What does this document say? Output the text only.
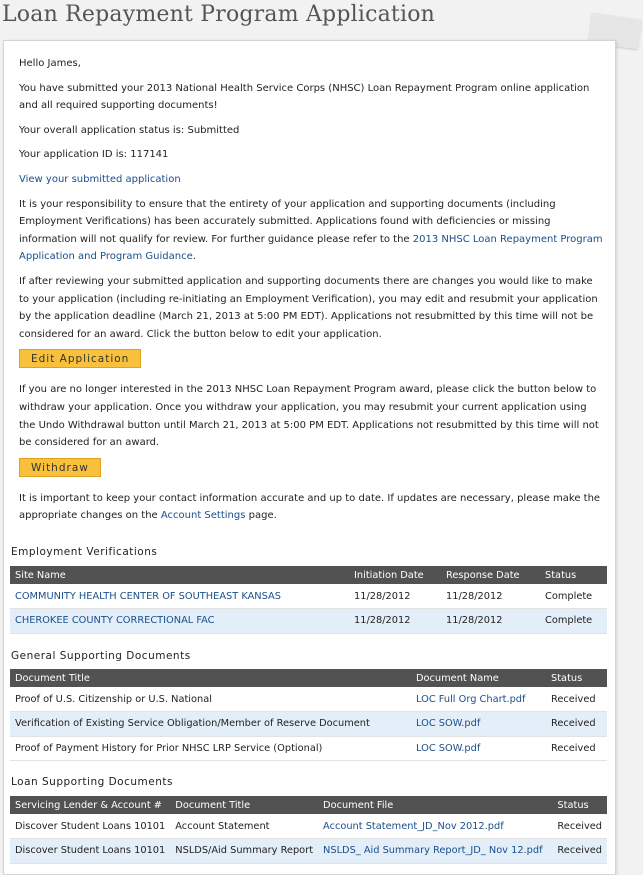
Loan Repayment Program Application

Hello James,

You have submitted your 2013 National Health Service Corps (NHSC) Loan Repayment Program online application and all required supporting documents!

Your overall application status is: Submitted

Your application ID is: 117141

View your submitted application

It is your responsibility to ensure that the entirety of your application and supporting documents (including Employment Verifications) has been accurately submitted. Applications found with deficiencies or missing information will not qualify for review. For further guidance please refer to the 2013 NHSC Loan Repayment Program Application and Program Guidance.

If after reviewing your submitted application and supporting documents there are changes you would like to make to your application (including re-initiating an Employment Verification), you may edit and resubmit your application by the application deadline (March 21, 2013 at 5:00 PM EDT). Applications not resubmitted by this time will not be considered for an award. Click the button below to edit your application.

Edit Application

If you are no longer interested in the 2013 NHSC Loan Repayment Program award, please click the button below to withdraw your application. Once you withdraw your application, you may resubmit your current application using the Undo Withdrawal button until March 21, 2013 at 5:00 PM EDT. Applications not resubmitted by this time will not be considered for an award.

Withdraw

It is important to keep your contact information accurate and up to date. If updates are necessary, please make the appropriate changes on the Account Settings page.

Employment Verifications
Site Name	Initiation Date	Response Date	Status
COMMUNITY HEALTH CENTER OF SOUTHEAST KANSAS	11/28/2012	11/28/2012	Complete
CHEROKEE COUNTY CORRECTIONAL FAC	11/28/2012	11/28/2012	Complete
General Supporting Documents
Document Title	Document Name	Status
Proof of U.S. Citizenship or U.S. National	LOC Full Org Chart.pdf	Received
Verification of Existing Service Obligation/Member of Reserve Document	LOC SOW.pdf	Received
Proof of Payment History for Prior NHSC LRP Service (Optional)	LOC SOW.pdf	Received
Loan Supporting Documents
Servicing Lender & Account #	Document Title	Document File	Status
Discover Student Loans 10101	Account Statement	Account Statement_JD_Nov 2012.pdf	Received
Discover Student Loans 10101	NSLDS/Aid Summary Report	NSLDS_ Aid Summary Report_JD_ Nov 12.pdf	Received
